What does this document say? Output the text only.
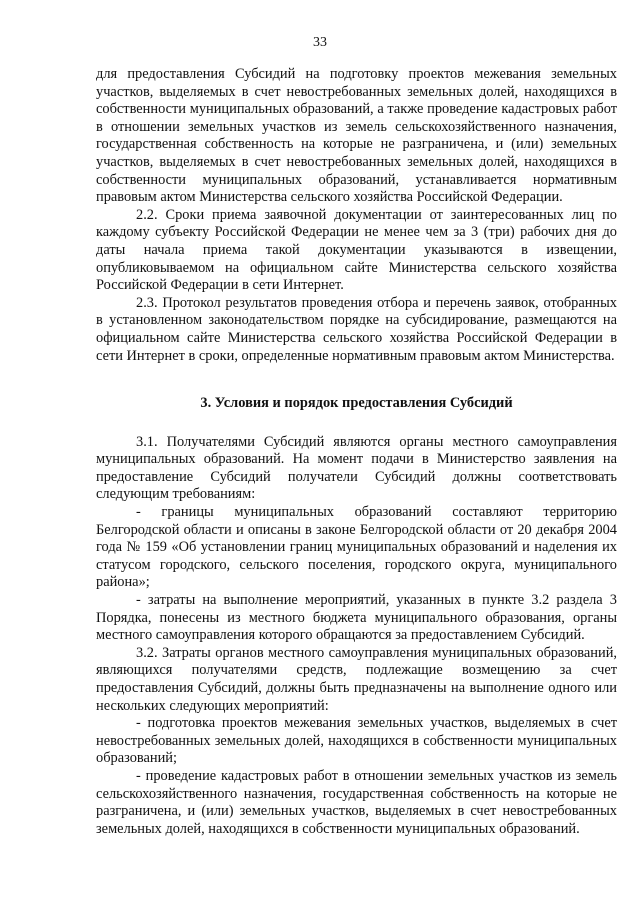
33

для предоставления Субсидий на подготовку проектов межевания земельных участков, выделяемых в счет невостребованных земельных долей, находящихся в собственности муниципальных образований, а также проведение кадастровых работ в отношении земельных участков из земель сельскохозяйственного назначения, государственная собственность на которые не разграничена, и (или) земельных участков, выделяемых в счет невостребованных земельных долей, находящихся в собственности муниципальных образований, устанавливается нормативным правовым актом Министерства сельского хозяйства Российской Федерации.

2.2. Сроки приема заявочной документации от заинтересованных лиц по каждому субъекту Российской Федерации не менее чем за 3 (три) рабочих дня до даты начала приема такой документации указываются в извещении, опубликовываемом на официальном сайте Министерства сельского хозяйства Российской Федерации в сети Интернет.

2.3. Протокол результатов проведения отбора и перечень заявок, отобранных в установленном законодательством порядке на субсидирование, размещаются на официальном сайте Министерства сельского хозяйства Российской Федерации в сети Интернет в сроки, определенные нормативным правовым актом Министерства.

3. Условия и порядок предоставления Субсидий

3.1. Получателями Субсидий являются органы местного самоуправления муниципальных образований. На момент подачи в Министерство заявления на предоставление Субсидий получатели Субсидий должны соответствовать следующим требованиям:

- границы муниципальных образований составляют территорию Белгородской области и описаны в законе Белгородской области от 20 декабря 2004 года № 159 «Об установлении границ муниципальных образований и наделения их статусом городского, сельского поселения, городского округа, муниципального района»;

- затраты на выполнение мероприятий, указанных в пункте 3.2 раздела 3 Порядка, понесены из местного бюджета муниципального образования, органы местного самоуправления которого обращаются за предоставлением Субсидий.

3.2. Затраты органов местного самоуправления муниципальных образований, являющихся получателями средств, подлежащие возмещению за счет предоставления Субсидий, должны быть предназначены на выполнение одного или нескольких следующих мероприятий:

- подготовка проектов межевания земельных участков, выделяемых в счет невостребованных земельных долей, находящихся в собственности муниципальных образований;

- проведение кадастровых работ в отношении земельных участков из земель сельскохозяйственного назначения, государственная собственность на которые не разграничена, и (или) земельных участков, выделяемых в счет невостребованных земельных долей, находящихся в собственности муниципальных образований.
